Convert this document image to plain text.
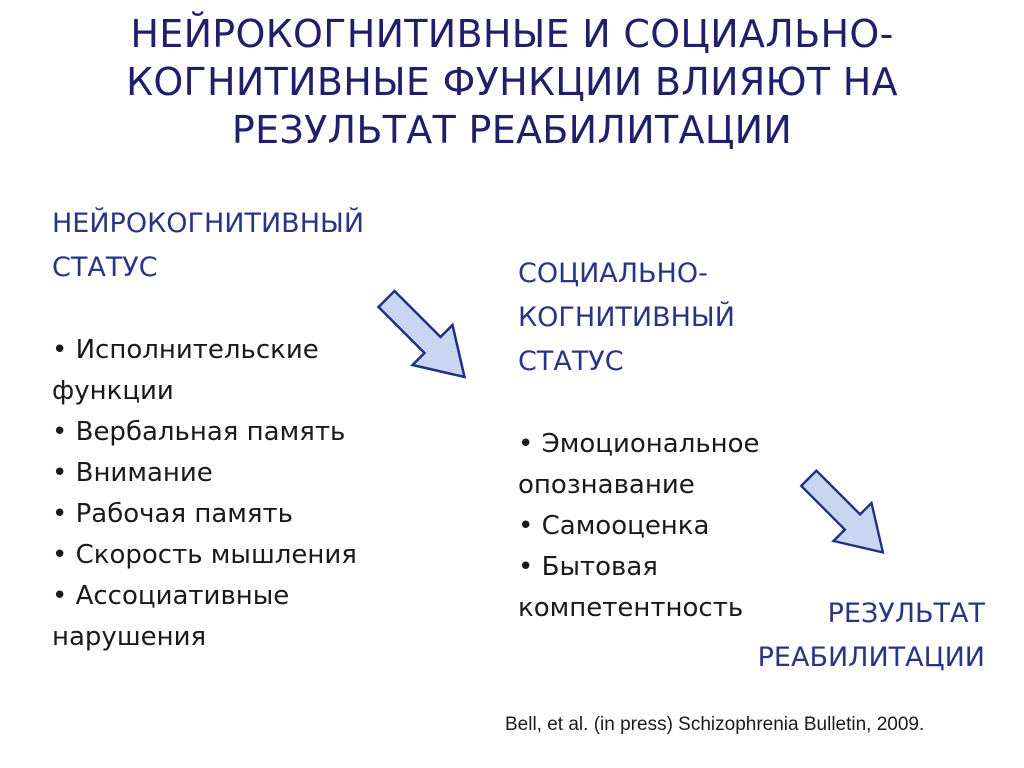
НЕЙРОКОГНИТИВНЫЕ И СОЦИАЛЬНО-
КОГНИТИВНЫЕ ФУНКЦИИ ВЛИЯЮТ НА
РЕЗУЛЬТАТ РЕАБИЛИТАЦИИ
НЕЙРОКОГНИТИВНЫЙ
СТАТУС
• Исполнительские
функции
• Вербальная память
• Внимание
• Рабочая память
• Скорость мышления
• Ассоциативные
нарушения
СОЦИАЛЬНО-
КОГНИТИВНЫЙ
СТАТУС
• Эмоциональное
опознавание
• Самооценка
• Бытовая
компетентность	РЕЗУЛЬТАТ
РЕАБИЛИТАЦИИ
Bell, et al. (in press) Schizophrenia Bulletin, 2009.
